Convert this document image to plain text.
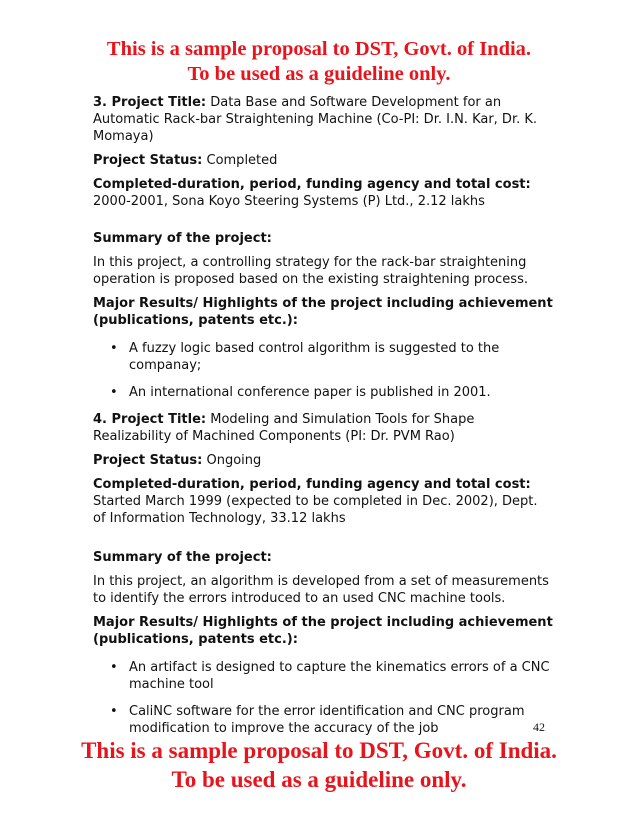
This is a sample proposal to DST, Govt. of India.
To be used as a guideline only.

3. Project Title: Data Base and Software Development for an Automatic Rack-bar Straightening Machine (Co-PI: Dr. I.N. Kar, Dr. K. Momaya)

Project Status: Completed

Completed-duration, period, funding agency and total cost:

2000-2001, Sona Koyo Steering Systems (P) Ltd., 2.12 lakhs

Summary of the project:

In this project, a controlling strategy for the rack-bar straightening operation is proposed based on the existing straightening process.

Major Results/ Highlights of the project including achievement (publications, patents etc.):

• A fuzzy logic based control algorithm is suggested to the companay;
• An international conference paper is published in 2001.

4. Project Title: Modeling and Simulation Tools for Shape Realizability of Machined Components (PI: Dr. PVM Rao)

Project Status: Ongoing

Completed-duration, period, funding agency and total cost:

Started March 1999 (expected to be completed in Dec. 2002), Dept. of Information Technology, 33.12 lakhs

Summary of the project:

In this project, an algorithm is developed from a set of measurements to identify the errors introduced to an used CNC machine tools.

Major Results/ Highlights of the project including achievement (publications, patents etc.):

• An artifact is designed to capture the kinematics errors of a CNC machine tool
• CaliNC software for the error identification and CNC program modification to improve the accuracy of the job	42
This is a sample proposal to DST, Govt. of India.
To be used as a guideline only.
